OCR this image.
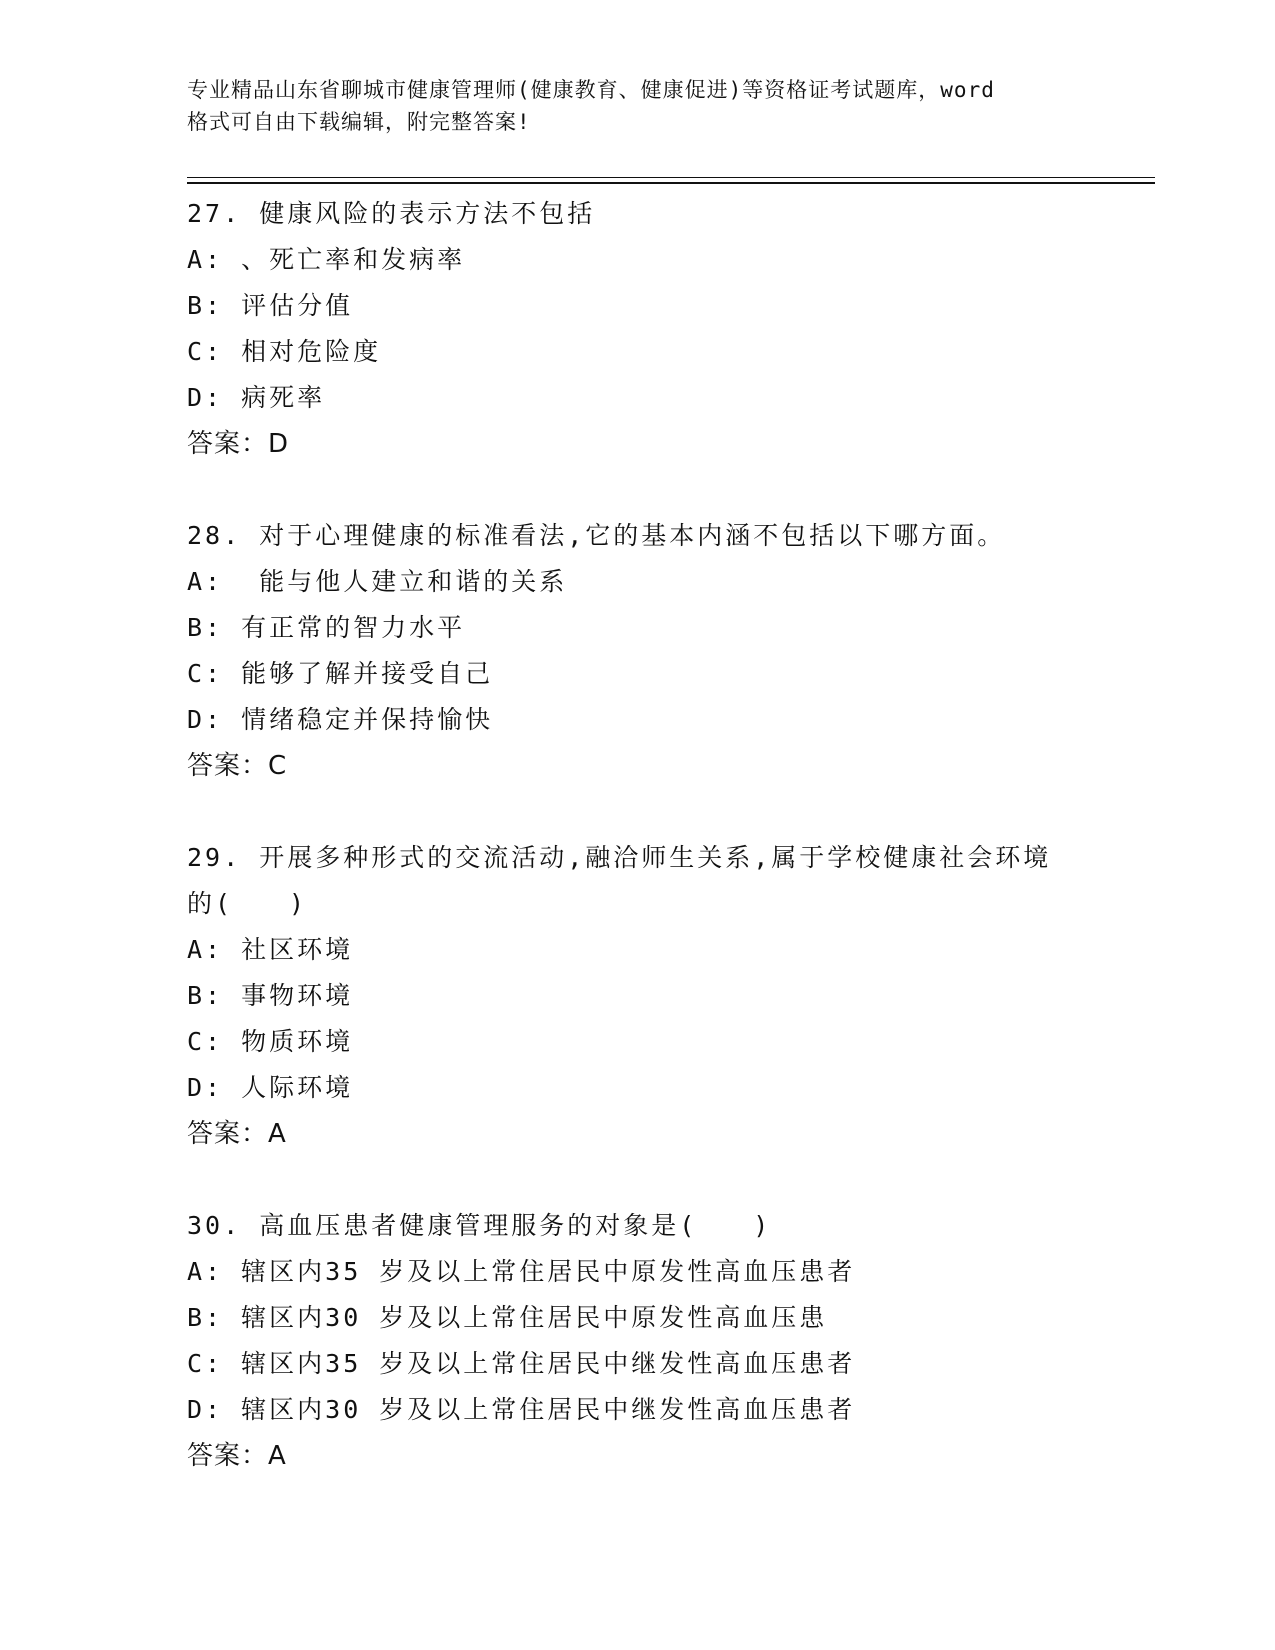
专业精品山东省聊城市健康管理师(健康教育、健康促进)等资格证考试题库，word
格式可自由下载编辑，附完整答案!
27. 健康风险的表示方法不包括
A: 、死亡率和发病率
B: 评估分值
C: 相对危险度
D: 病死率
答案：D
28. 对于心理健康的标准看法,它的基本内涵不包括以下哪方面。
A:  能与他人建立和谐的关系
B: 有正常的智力水平
C: 能够了解并接受自己
D: 情绪稳定并保持愉快
答案：C
29. 开展多种形式的交流活动,融洽师生关系,属于学校健康社会环境
的(　　)
A: 社区环境
B: 事物环境
C: 物质环境
D: 人际环境
答案：A
30. 高血压患者健康管理服务的对象是(　　)
A: 辖区内35 岁及以上常住居民中原发性高血压患者
B: 辖区内30 岁及以上常住居民中原发性高血压患
C: 辖区内35 岁及以上常住居民中继发性高血压患者
D: 辖区内30 岁及以上常住居民中继发性高血压患者
答案：A
